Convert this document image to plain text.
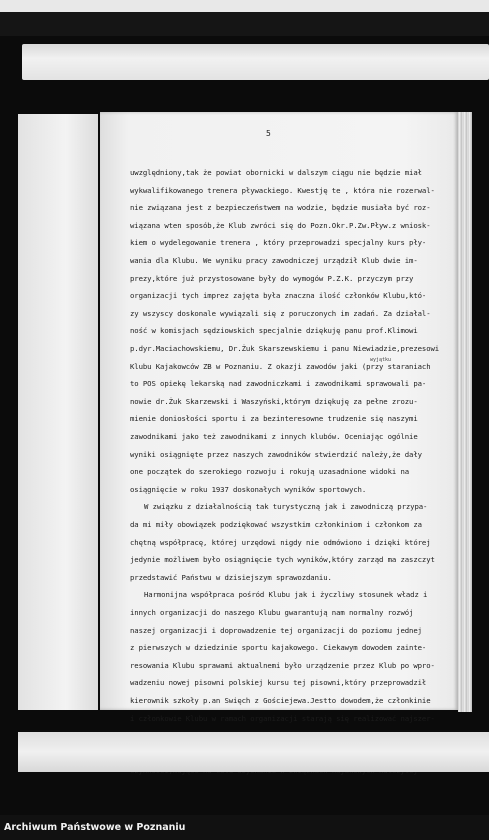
5
wyjątku
uwzględniony,tak że powiat obornicki w dalszym ciągu nie będzie miał
wykwalifikowanego trenera pływackiego. Kwestję te , która nie rozerwal-
nie związana jest z bezpieczeństwem na wodzie, będzie musiała być roz-
wiązana wten sposób,że Klub zwróci się do Pozn.Okr.P.Zw.Pływ.z wniosk-
kiem o wydelegowanie trenera , który przeprowadzi specjalny kurs pły-
wania dla Klubu. We wyniku pracy zawodniczej urządził Klub dwie im-
prezy,które już przystosowane były do wymogów P.Z.K. przyczym przy
organizacji tych imprez zajęta była znaczna ilość członków Klubu,któ-
zy wszyscy doskonale wywiązali się z poruczonych im zadań. Za działal-
ność w komisjach sędziowskich specjalnie dziękuję panu prof.Klimowi
p.dyr.Maciachowskiemu, Dr.Żuk Skarszewskiemu i panu Niewiadzie,prezesowi
Klubu Kajakowców ZB w Poznaniu. Z okazji zawodów jaki (przy staraniach
to POS opiekę lekarską nad zawodniczkami i zawodnikami sprawowali pa-
nowie dr.Żuk Skarzewski i Waszyński,którym dziękuję za pełne zrozu-
mienie doniosłości sportu i za bezinteresowne trudzenie się naszymi
zawodnikami jako też zawodnikami z innych klubów. Oceniając ogólnie
wyniki osiągnięte przez naszych zawodników stwierdzić należy,że dały
one początek do szerokiego rozwoju i rokują uzasadnione widoki na
osiągnięcie w roku 1937 doskonałych wyników sportowych.
W związku z działalnością tak turystyczną jak i zawodniczą przypa-
da mi miły obowiązek podziękować wszystkim członkiniom i członkom za
chętną współpracę, której urzędowi nigdy nie odmówiono i dzięki której
jedynie możliwem było osiągnięcie tych wyników,który zarząd ma zaszczyt
przedstawić Państwu w dzisiejszym sprawozdaniu.
Harmonijna współpraca pośród Klubu jak i życzliwy stosunek władz i
innych organizacji do naszego Klubu gwarantują nam normalny rozwój
naszej organizacji i doprowadzenie tej organizacji do poziomu jednej
z pierwszych w dziedzinie sportu kajakowego. Ciekawym dowodem zainte-
resowania Klubu sprawami aktualnemi było urządzenie przez Klub po wpro-
wadzeniu nowej pisowni polskiej kursu tej pisowni,który przeprowadził
kierownik szkoły p.an Swięch z Gościejewa.Jestto dowodem,że członkinie
i członkowie Klubu w ramach organizacji starają się realizować najszer-
Archiwum Państwowe w Poznaniu
